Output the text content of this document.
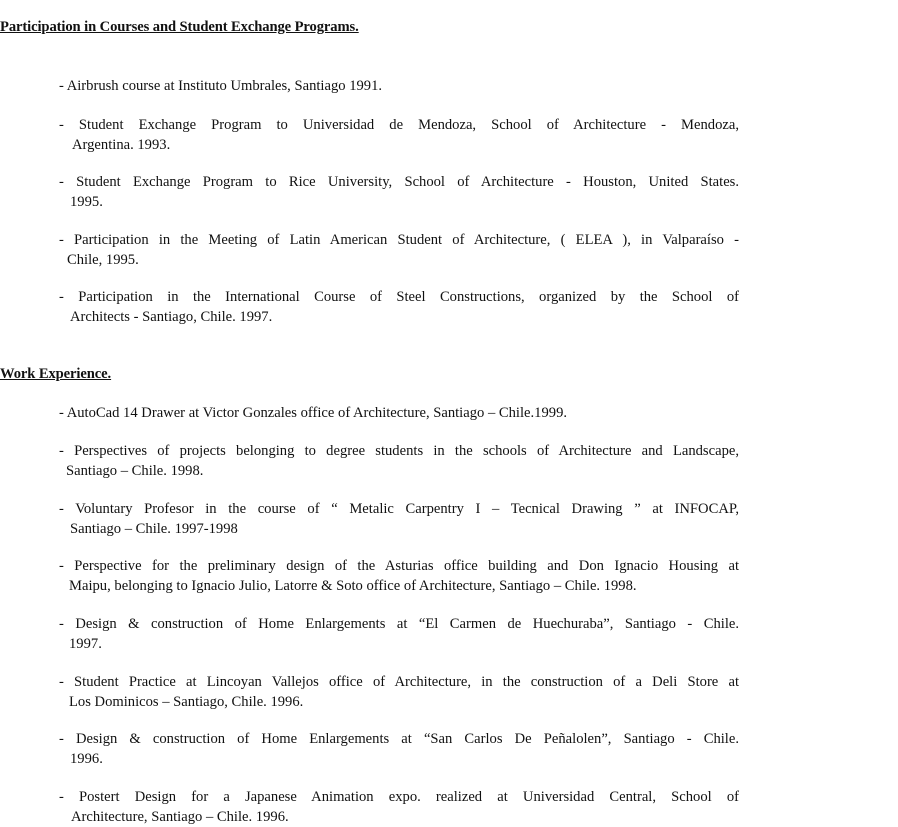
Participation in Courses and Student Exchange Programs.
- Airbrush course at Instituto Umbrales, Santiago 1991.
- Student Exchange Program to Universidad de Mendoza, School of Architecture - Mendoza,
Argentina. 1993.
- Student Exchange Program to Rice University, School of Architecture - Houston, United States.
1995.
- Participation in the Meeting of Latin American Student of Architecture, ( ELEA ), in Valparaíso -
Chile, 1995.
- Participation in the International Course of Steel Constructions, organized by the School of
Architects - Santiago, Chile. 1997.
Work Experience.
- AutoCad 14 Drawer at Victor Gonzales office of Architecture, Santiago – Chile.1999.
- Perspectives of projects belonging to degree students in the schools of Architecture and Landscape,
Santiago – Chile. 1998.
- Voluntary Profesor in the course of “ Metalic Carpentry I – Tecnical Drawing ” at INFOCAP,
Santiago – Chile. 1997-1998
- Perspective for the preliminary design of the Asturias office building and Don Ignacio Housing at
Maipu, belonging to Ignacio Julio, Latorre & Soto office of Architecture, Santiago – Chile. 1998.
- Design & construction of Home Enlargements at “El Carmen de Huechuraba”, Santiago - Chile.
1997.
- Student Practice at Lincoyan Vallejos office of Architecture, in the construction of a Deli Store at
Los Dominicos – Santiago, Chile. 1996.
- Design & construction of Home Enlargements at “San Carlos De Peñalolen”, Santiago - Chile.
1996.
- Postert Design for a Japanese Animation expo. realized at Universidad Central, School of
Architecture, Santiago – Chile. 1996.
